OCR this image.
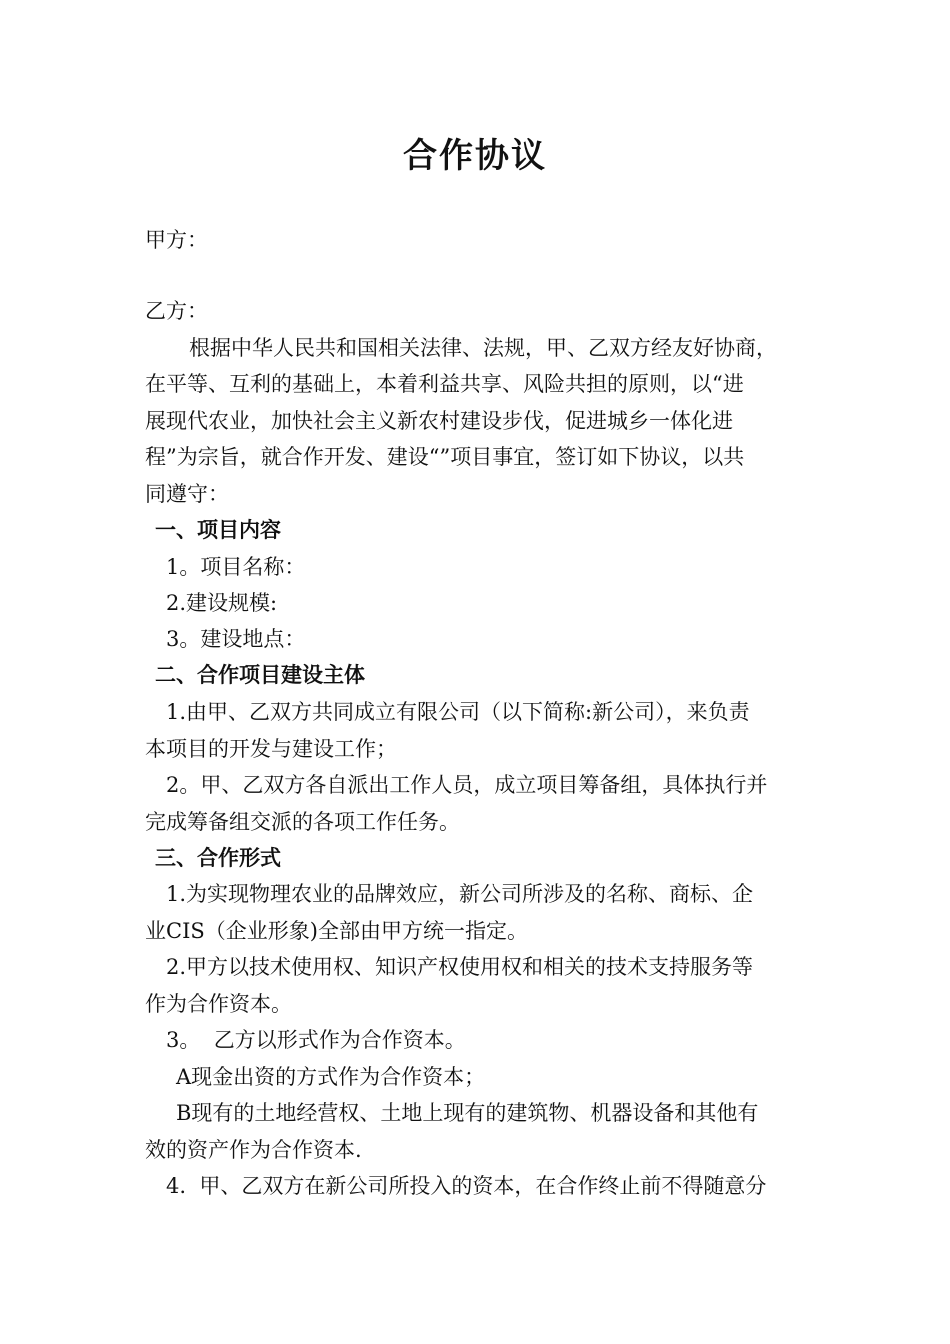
合作协议

甲方：

乙方：

根据中华人民共和国相关法律、法规，甲、乙双方经友好协商，

在平等、互利的基础上，本着利益共享、风险共担的原则，以“进

展现代农业，加快社会主义新农村建设步伐，促进城乡一体化进

程”为宗旨，就合作开发、建设“”项目事宜，签订如下协议，以共

同遵守：

一、项目内容

1。项目名称：

2.建设规模:

3。建设地点：

二、合作项目建设主体

1.由甲、乙双方共同成立有限公司（以下简称:新公司），来负责

本项目的开发与建设工作；

2。甲、乙双方各自派出工作人员，成立项目筹备组，具体执行并

完成筹备组交派的各项工作任务。

三、合作形式

1.为实现物理农业的品牌效应，新公司所涉及的名称、商标、企

业CIS（企业形象)全部由甲方统一指定。

2.甲方以技术使用权、知识产权使用权和相关的技术支持服务等

作为合作资本。

3。  乙方以形式作为合作资本。

A现金出资的方式作为合作资本；

B现有的土地经营权、土地上现有的建筑物、机器设备和其他有

效的资产作为合作资本.

4.  甲、乙双方在新公司所投入的资本，在合作终止前不得随意分
